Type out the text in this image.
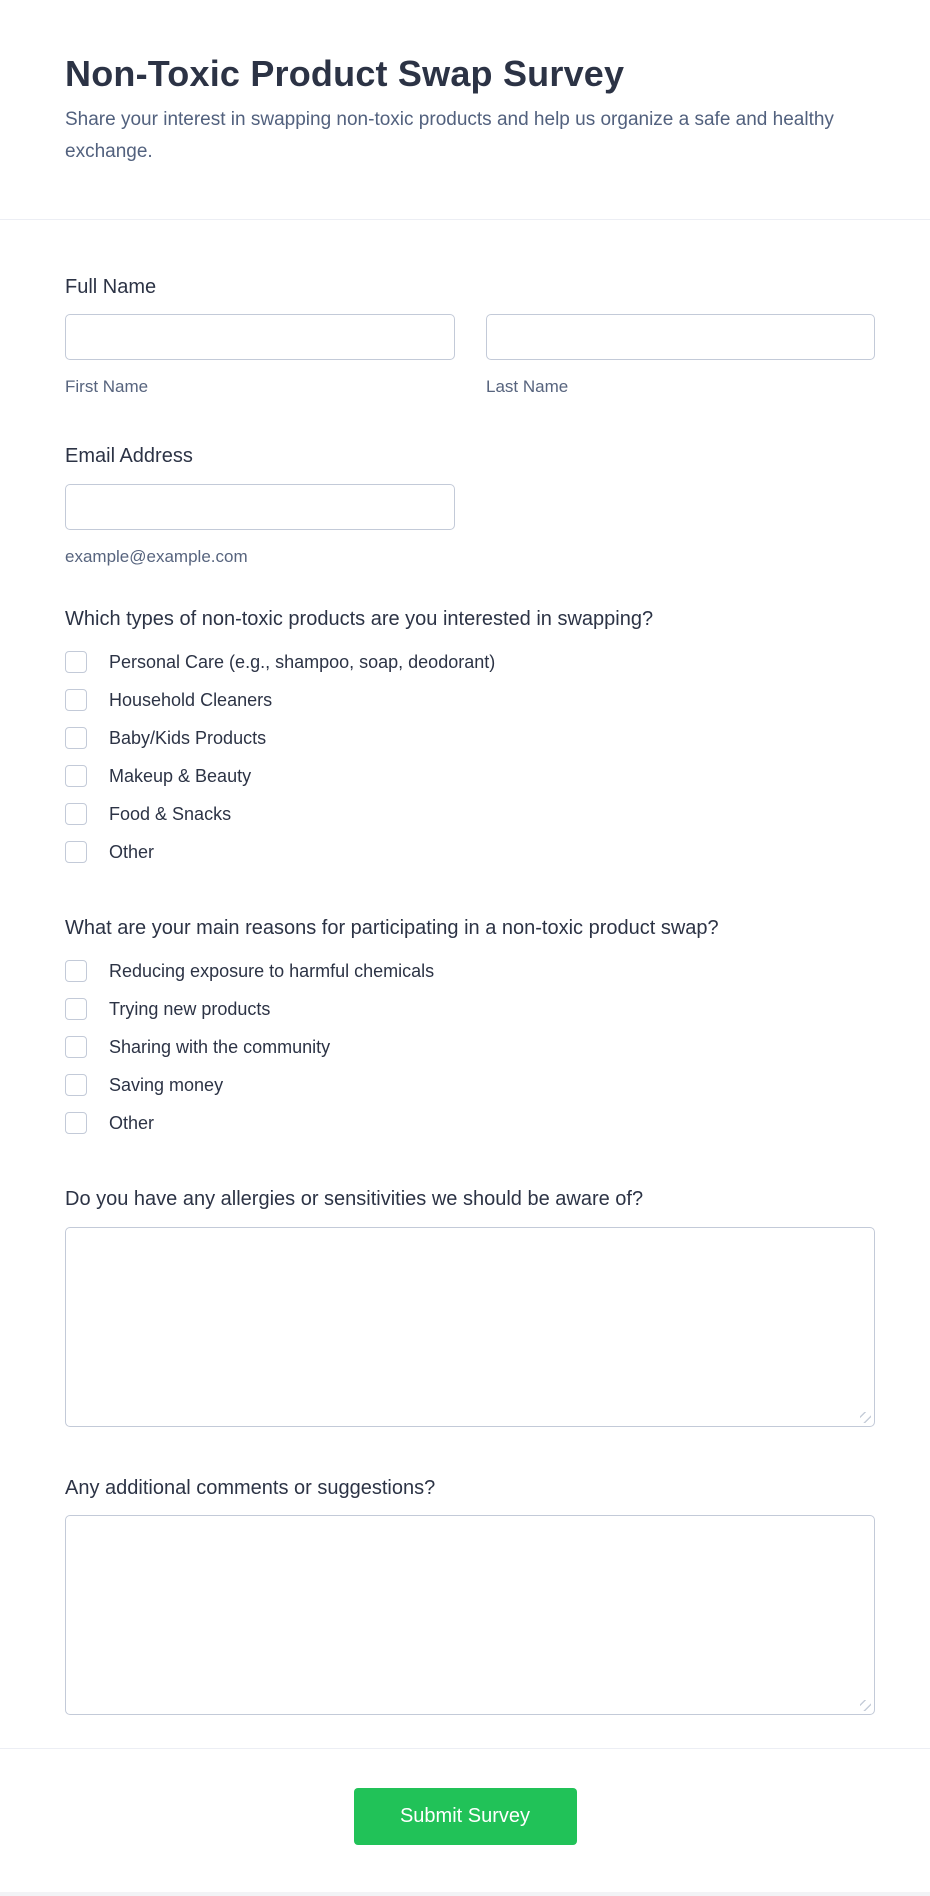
Non-Toxic Product Swap Survey

Share your interest in swapping non-toxic products and help us organize a safe and healthy exchange.

Full Name
First Name	Last Name
Email Address
example@example.com
Which types of non-toxic products are you interested in swapping?
Personal Care (e.g., shampoo, soap, deodorant)
Household Cleaners
Baby/Kids Products
Makeup & Beauty
Food & Snacks
Other
What are your main reasons for participating in a non-toxic product swap?
Reducing exposure to harmful chemicals
Trying new products
Sharing with the community
Saving money
Other
Do you have any allergies or sensitivities we should be aware of?
Any additional comments or suggestions?
Submit Survey
